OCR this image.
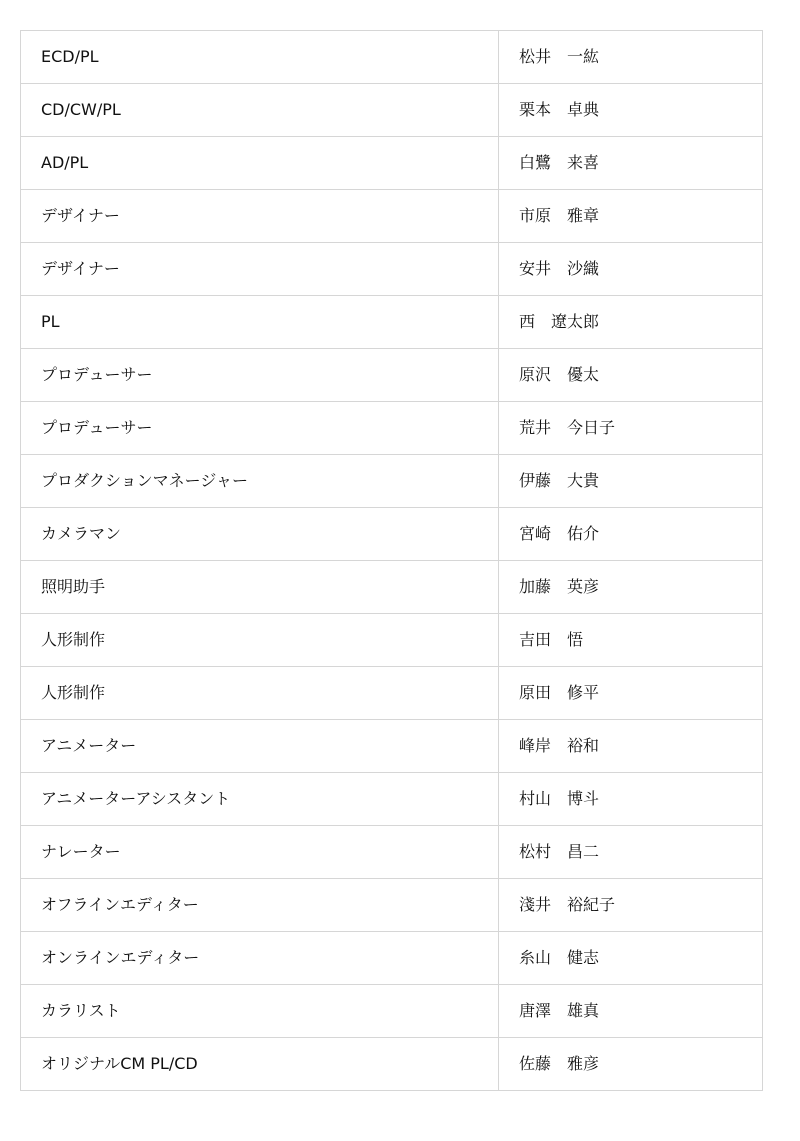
ECD/PL	松井　一紘
CD/CW/PL	栗本　卓典
AD/PL	白鷺　来喜
デザイナー	市原　雅章
デザイナー	安井　沙織
PL	西　遼太郎
プロデューサー	原沢　優太
プロデューサー	荒井　今日子
プロダクションマネージャー	伊藤　大貴
カメラマン	宮崎　佑介
照明助手	加藤　英彦
人形制作	吉田　悟
人形制作	原田　修平
アニメーター	峰岸　裕和
アニメーターアシスタント	村山　博斗
ナレーター	松村　昌二
オフラインエディター	淺井　裕紀子
オンラインエディター	糸山　健志
カラリスト	唐澤　雄真
オリジナルCM PL/CD	佐藤　雅彦
